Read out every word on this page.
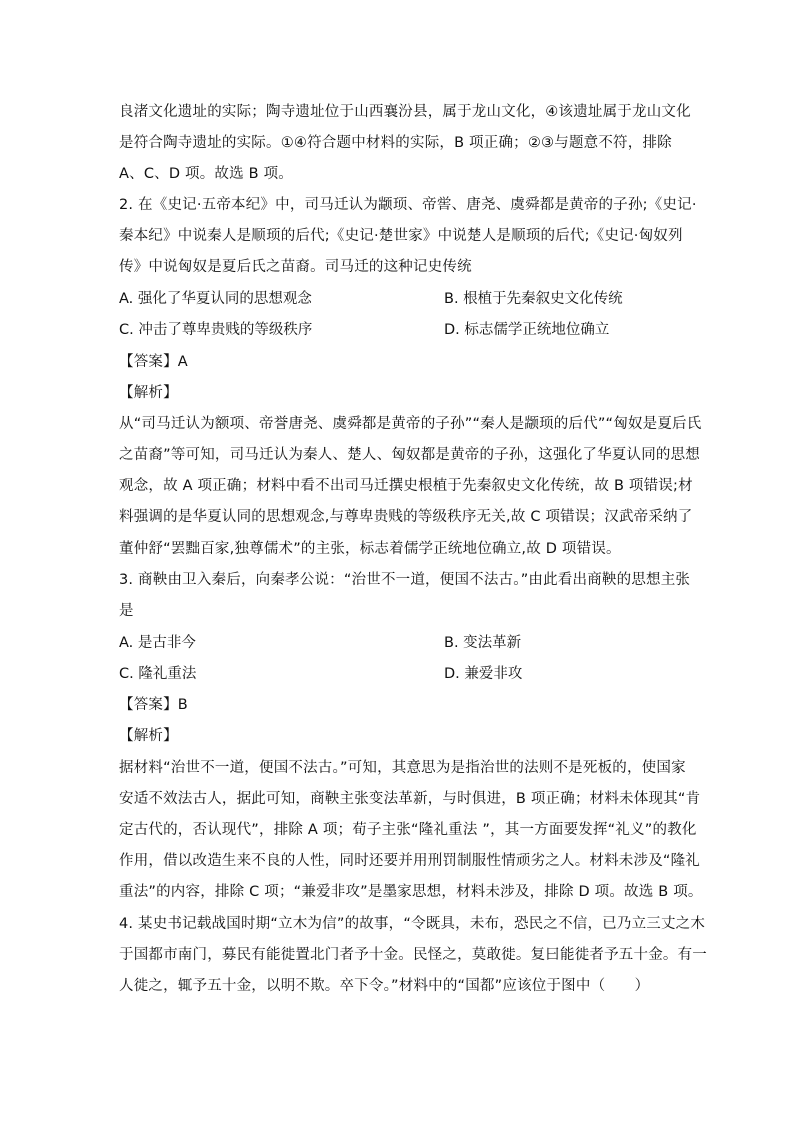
良渚文化遗址的实际；陶寺遗址位于山西襄汾县，属于龙山文化，④该遗址属于龙山文化
是符合陶寺遗址的实际。①④符合题中材料的实际，B 项正确；②③与题意不符，排除
A、C、D 项。故选 B 项。
2. 在《史记·五帝本纪》中，司马迁认为颛顼、帝喾、唐尧、虞舜都是黄帝的子孙;《史记·
秦本纪》中说秦人是顺顼的后代;《史记·楚世家》中说楚人是顺顼的后代;《史记·匈奴列
传》中说匈奴是夏后氏之苗裔。司马迁的这种记史传统
A. 强化了华夏认同的思想观念	B. 根植于先秦叙史文化传统
C. 冲击了尊卑贵贱的等级秩序	D. 标志儒学正统地位确立
【答案】A
【解析】
从“司马迁认为额项、帝誉唐尧、虞舜都是黄帝的子孙”“秦人是颛顼的后代”“匈奴是夏后氏
之苗裔”等可知，司马迁认为秦人、楚人、匈奴都是黄帝的子孙，这强化了华夏认同的思想
观念，故 A 项正确；材料中看不出司马迁撰史根植于先秦叙史文化传统，故 B 项错误;材
料强调的是华夏认同的思想观念,与尊卑贵贱的等级秩序无关,故 C 项错误；汉武帝采纳了
董仲舒“罢黜百家,独尊儒术”的主张，标志着儒学正统地位确立,故 D 项错误。
3. 商鞅由卫入秦后，向秦孝公说：“治世不一道，便国不法古。”由此看出商鞅的思想主张
是
A. 是古非今	B. 变法革新
C. 隆礼重法	D. 兼爱非攻
【答案】B
【解析】
据材料“治世不一道，便国不法古。”可知，其意思为是指治世的法则不是死板的，使国家
安适不效法古人，据此可知，商鞅主张变法革新，与时俱进，B 项正确；材料未体现其“肯
定古代的，否认现代”，排除 A 项；荀子主张“隆礼重法 ”，其一方面要发挥“礼义”的教化
作用，借以改造生来不良的人性，同时还要并用刑罚制服性情顽劣之人。材料未涉及“隆礼
重法”的内容，排除 C 项；“兼爱非攻”是墨家思想，材料未涉及，排除 D 项。故选 B 项。
4. 某史书记载战国时期“立木为信”的故事，“令既具，未布，恐民之不信，已乃立三丈之木
于国都市南门，募民有能徙置北门者予十金。民怪之，莫敢徙。复曰能徙者予五十金。有一
人徙之，辄予五十金，以明不欺。卒下令。”材料中的“国都”应该位于图中（　　）
